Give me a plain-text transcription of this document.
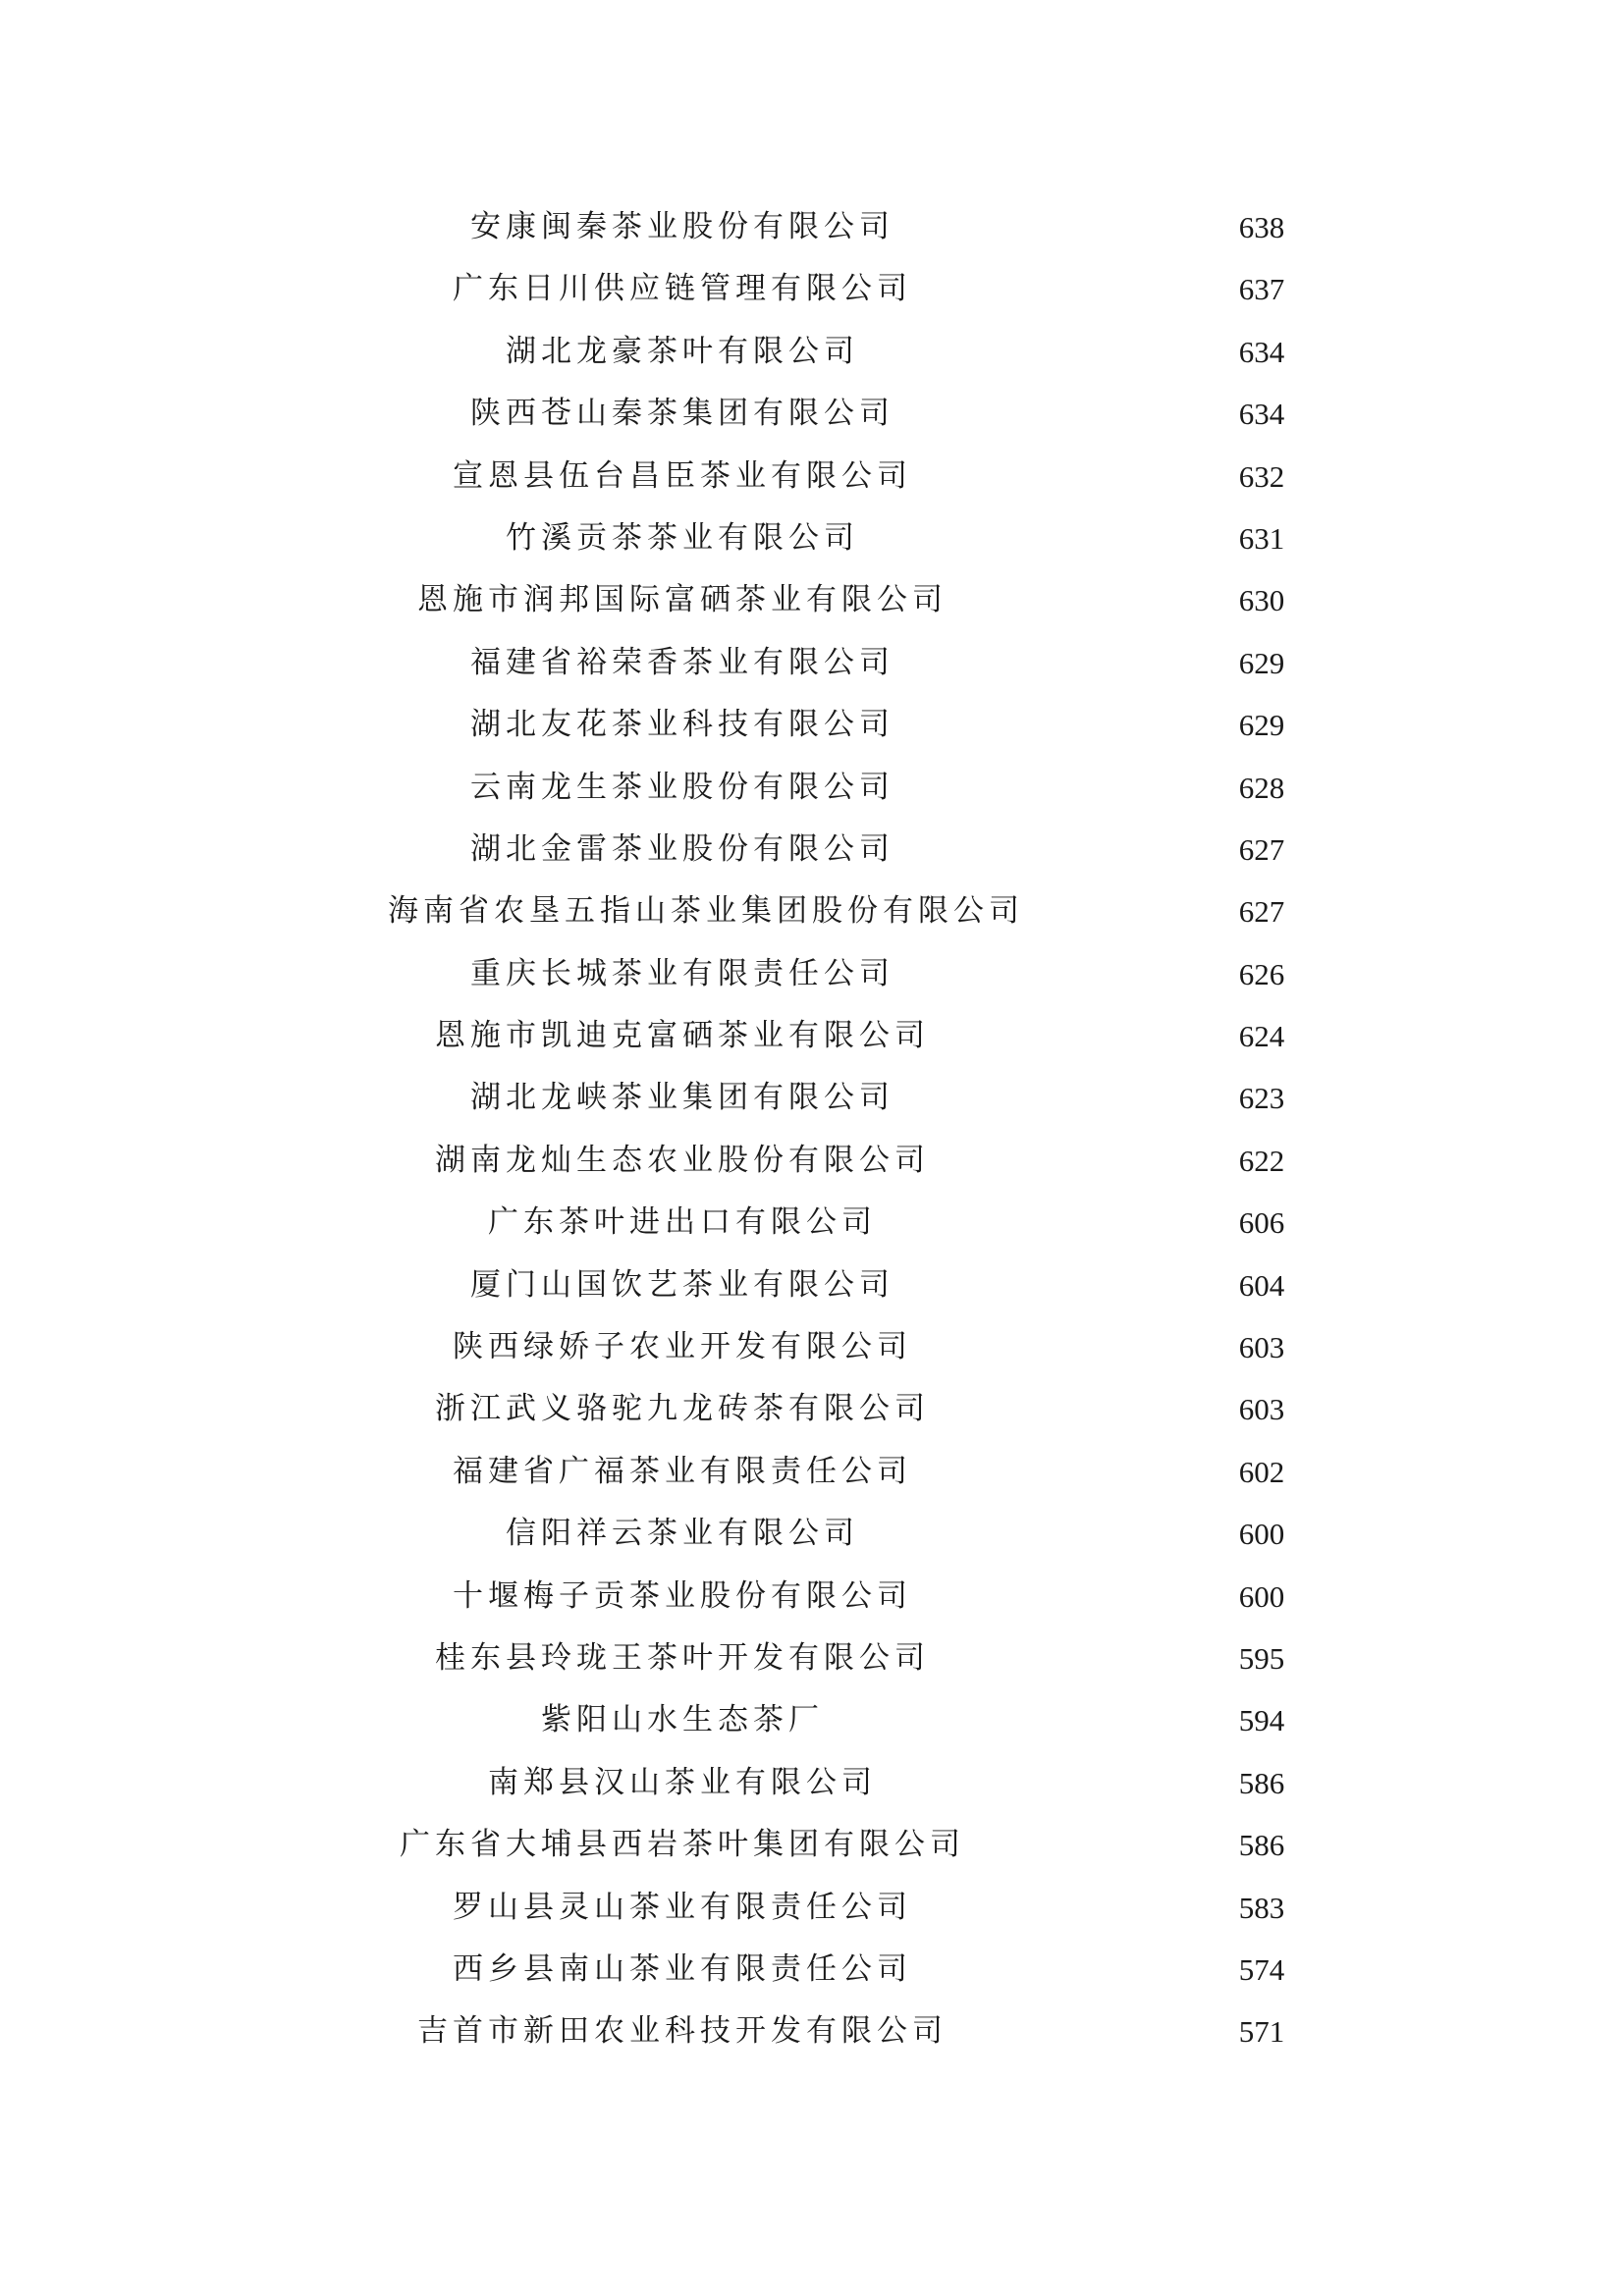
安康闽秦茶业股份有限公司	638
广东日川供应链管理有限公司	637
湖北龙豪茶叶有限公司	634
陕西苍山秦茶集团有限公司	634
宣恩县伍台昌臣茶业有限公司	632
竹溪贡茶茶业有限公司	631
恩施市润邦国际富硒茶业有限公司	630
福建省裕荣香茶业有限公司	629
湖北友花茶业科技有限公司	629
云南龙生茶业股份有限公司	628
湖北金雷茶业股份有限公司	627
海南省农垦五指山茶业集团股份有限公司	627
重庆长城茶业有限责任公司	626
恩施市凯迪克富硒茶业有限公司	624
湖北龙峡茶业集团有限公司	623
湖南龙灿生态农业股份有限公司	622
广东茶叶进出口有限公司	606
厦门山国饮艺茶业有限公司	604
陕西绿娇子农业开发有限公司	603
浙江武义骆驼九龙砖茶有限公司	603
福建省广福茶业有限责任公司	602
信阳祥云茶业有限公司	600
十堰梅子贡茶业股份有限公司	600
桂东县玲珑王茶叶开发有限公司	595
紫阳山水生态茶厂	594
南郑县汉山茶业有限公司	586
广东省大埔县西岩茶叶集团有限公司	586
罗山县灵山茶业有限责任公司	583
西乡县南山茶业有限责任公司	574
吉首市新田农业科技开发有限公司	571
